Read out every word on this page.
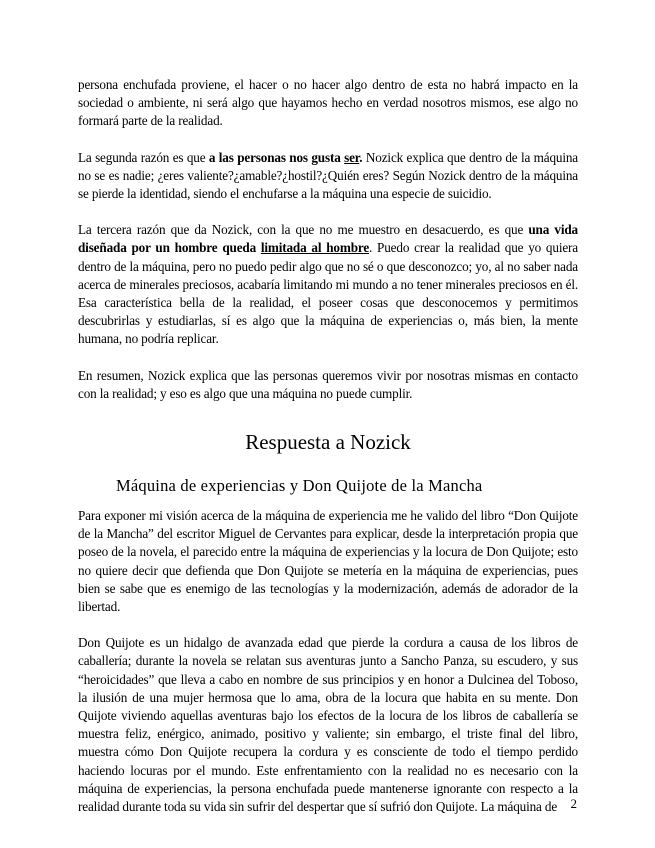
persona enchufada proviene, el hacer o no hacer algo dentro de esta no habrá impacto en la sociedad o ambiente, ni será algo que hayamos hecho en verdad nosotros mismos, ese algo no formará parte de la realidad.

La segunda razón es que a las personas nos gusta ser. Nozick explica que dentro de la máquina no se es nadie; ¿eres valiente?¿amable?¿hostil?¿Quién eres? Según Nozick dentro de la máquina se pierde la identidad, siendo el enchufarse a la máquina una especie de suicidio.

La tercera razón que da Nozick, con la que no me muestro en desacuerdo, es que una vida diseñada por un hombre queda limitada al hombre. Puedo crear la realidad que yo quiera dentro de la máquina, pero no puedo pedir algo que no sé o que desconozco; yo, al no saber nada acerca de minerales preciosos, acabaría limitando mi mundo a no tener minerales preciosos en él. Esa característica bella de la realidad, el poseer cosas que desconocemos y permitimos descubrirlas y estudiarlas, sí es algo que la máquina de experiencias o, más bien, la mente humana, no podría replicar.

En resumen, Nozick explica que las personas queremos vivir por nosotras mismas en contacto con la realidad; y eso es algo que una máquina no puede cumplir.

Respuesta a Nozick
Máquina de experiencias y Don Quijote de la Mancha

Para exponer mi visión acerca de la máquina de experiencia me he valido del libro “Don Quijote de la Mancha” del escritor Miguel de Cervantes para explicar, desde la interpretación propia que poseo de la novela, el parecido entre la máquina de experiencias y la locura de Don Quijote; esto no quiere decir que defienda que Don Quijote se metería en la máquina de experiencias, pues bien se sabe que es enemigo de las tecnologías y la modernización, además de adorador de la libertad.

Don Quijote es un hidalgo de avanzada edad que pierde la cordura a causa de los libros de caballería; durante la novela se relatan sus aventuras junto a Sancho Panza, su escudero, y sus “heroicidades” que lleva a cabo en nombre de sus principios y en honor a Dulcinea del Toboso, la ilusión de una mujer hermosa que lo ama, obra de la locura que habita en su mente. Don Quijote viviendo aquellas aventuras bajo los efectos de la locura de los libros de caballería se muestra feliz, enérgico, animado, positivo y valiente; sin embargo, el triste final del libro, muestra cómo Don Quijote recupera la cordura y es consciente de todo el tiempo perdido haciendo locuras por el mundo. Este enfrentamiento con la realidad no es necesario con la máquina de experiencias, la persona enchufada puede mantenerse ignorante con respecto a la realidad durante toda su vida sin sufrir del despertar que sí sufrió don Quijote. La máquina de	2
